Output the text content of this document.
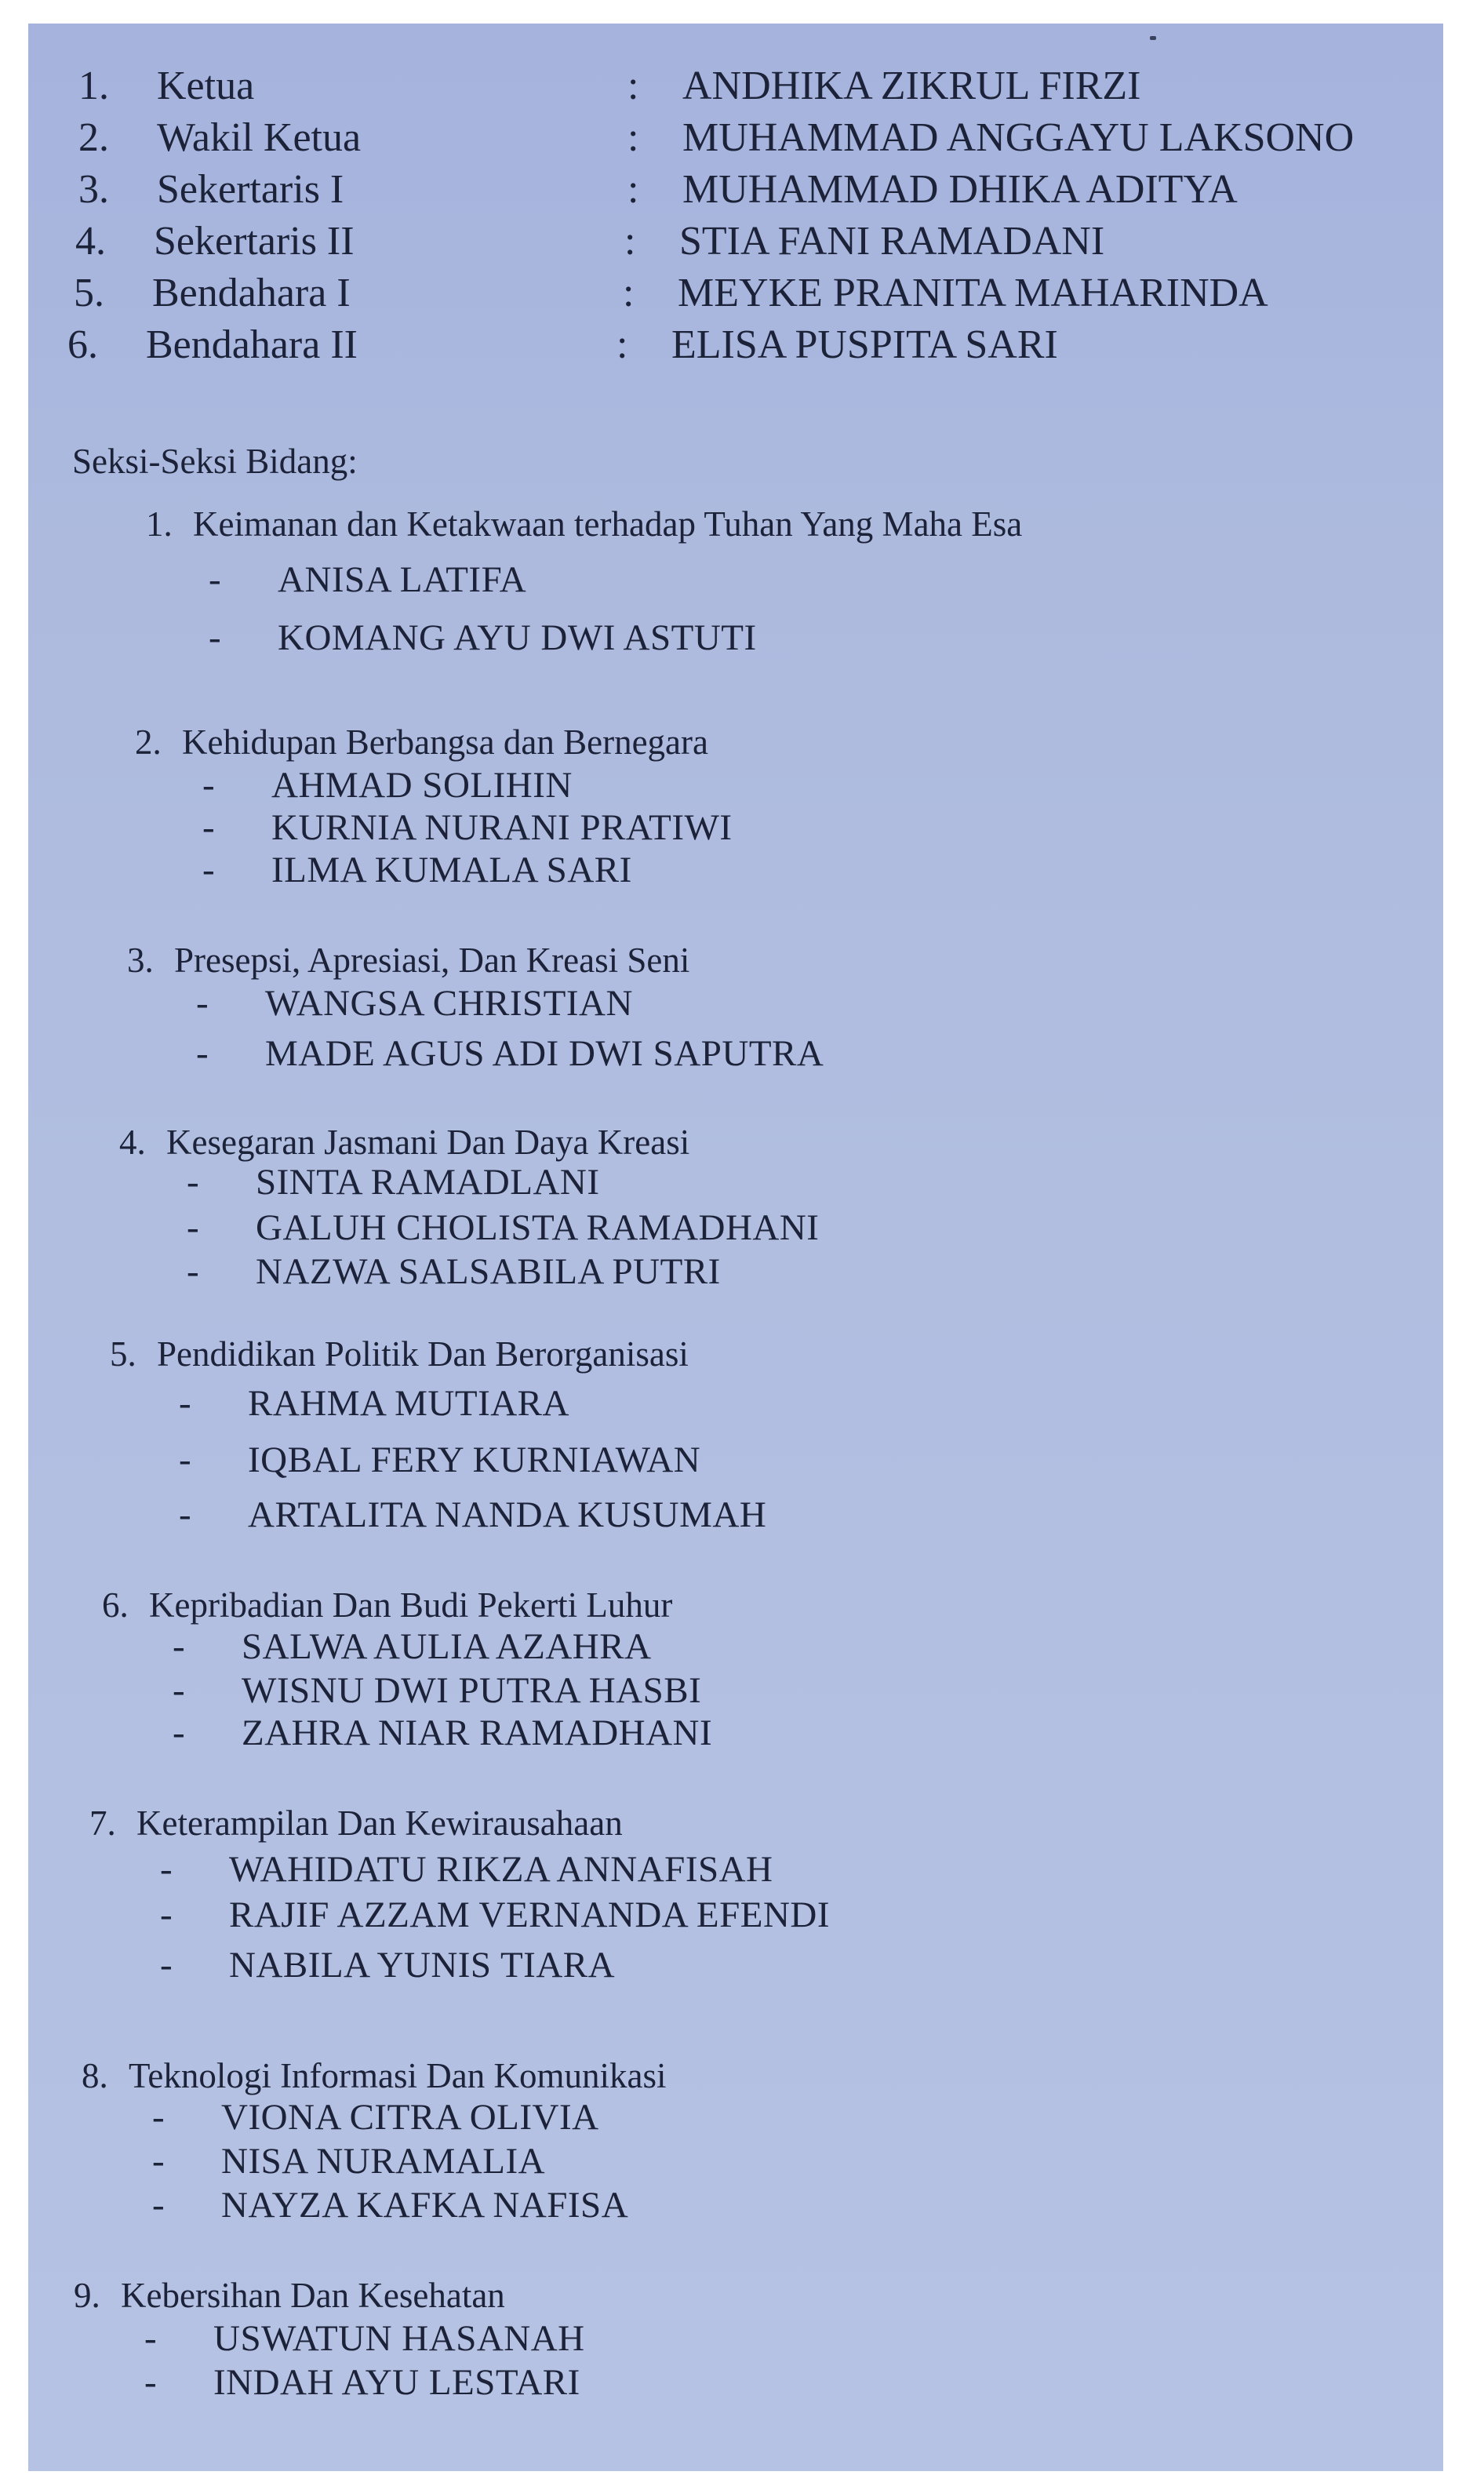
1.	Ketua	: ANDHIKA ZIKRUL FIRZI
2.	Wakil Ketua	: MUHAMMAD ANGGAYU LAKSONO
3.	Sekertaris I	: MUHAMMAD DHIKA ADITYA
4.	Sekertaris II	: STIA FANI RAMADANI
5.	Bendahara I	: MEYKE PRANITA MAHARINDA
6.	Bendahara II	: ELISA PUSPITA SARI
Seksi-Seksi Bidang:
1. Keimanan dan Ketakwaan terhadap Tuhan Yang Maha Esa
- ANISA LATIFA
- KOMANG AYU DWI ASTUTI
2. Kehidupan Berbangsa dan Bernegara
- AHMAD SOLIHIN
- KURNIA NURANI PRATIWI
- ILMA KUMALA SARI
3. Presepsi, Apresiasi, Dan Kreasi Seni
- WANGSA CHRISTIAN
- MADE AGUS ADI DWI SAPUTRA
4. Kesegaran Jasmani Dan Daya Kreasi
- SINTA RAMADLANI
- GALUH CHOLISTA RAMADHANI
- NAZWA SALSABILA PUTRI
5. Pendidikan Politik Dan Berorganisasi
- RAHMA MUTIARA
- IQBAL FERY KURNIAWAN
- ARTALITA NANDA KUSUMAH
6. Kepribadian Dan Budi Pekerti Luhur
- SALWA AULIA AZAHRA
- WISNU DWI PUTRA HASBI
- ZAHRA NIAR RAMADHANI
7. Keterampilan Dan Kewirausahaan
- WAHIDATU RIKZA ANNAFISAH
- RAJIF AZZAM VERNANDA EFENDI
- NABILA YUNIS TIARA
8. Teknologi Informasi Dan Komunikasi
- VIONA CITRA OLIVIA
- NISA NURAMALIA
- NAYZA KAFKA NAFISA
9. Kebersihan Dan Kesehatan
- USWATUN HASANAH
- INDAH AYU LESTARI
